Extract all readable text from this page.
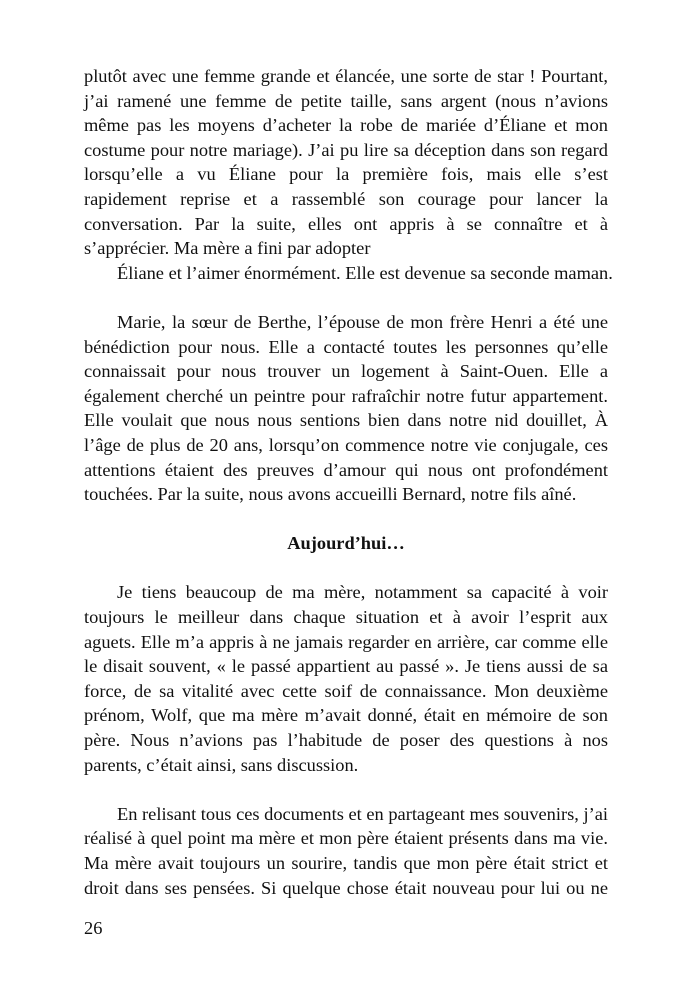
plutôt avec une femme grande et élancée, une sorte de star ! Pourtant,
j’ai ramené une femme de petite taille, sans argent (nous n’avions
même pas les moyens d’acheter la robe de mariée d’Éliane et mon
costume pour notre mariage). J’ai pu lire sa déception dans son regard
lorsqu’elle a vu Éliane pour la première fois, mais elle s’est
rapidement reprise et a rassemblé son courage pour lancer la
conversation. Par la suite, elles ont appris à se connaître et à
s’apprécier. Ma mère a fini par adopter
Éliane et l’aimer énormément. Elle est devenue sa seconde maman.
Marie, la sœur de Berthe, l’épouse de mon frère Henri a été une
bénédiction pour nous. Elle a contacté toutes les personnes qu’elle
connaissait pour nous trouver un logement à Saint-Ouen. Elle a
également cherché un peintre pour rafraîchir notre futur appartement.
Elle voulait que nous nous sentions bien dans notre nid douillet, À
l’âge de plus de 20 ans, lorsqu’on commence notre vie conjugale, ces
attentions étaient des preuves d’amour qui nous ont profondément
touchées. Par la suite, nous avons accueilli Bernard, notre fils aîné.
Aujourd’hui…
Je tiens beaucoup de ma mère, notamment sa capacité à voir
toujours le meilleur dans chaque situation et à avoir l’esprit aux
aguets. Elle m’a appris à ne jamais regarder en arrière, car comme elle
le disait souvent, « le passé appartient au passé ». Je tiens aussi de sa
force, de sa vitalité avec cette soif de connaissance. Mon deuxième
prénom, Wolf, que ma mère m’avait donné, était en mémoire de son
père. Nous n’avions pas l’habitude de poser des questions à nos
parents, c’était ainsi, sans discussion.
En relisant tous ces documents et en partageant mes souvenirs, j’ai
réalisé à quel point ma mère et mon père étaient présents dans ma vie.
Ma mère avait toujours un sourire, tandis que mon père était strict et
droit dans ses pensées. Si quelque chose était nouveau pour lui ou ne
26
